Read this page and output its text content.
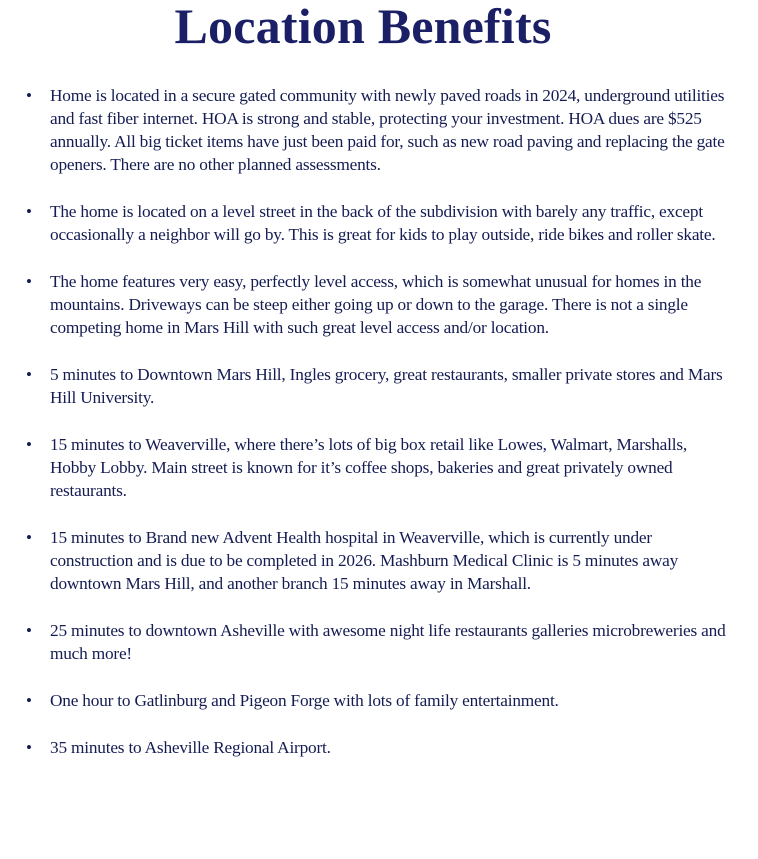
Location Benefits
• Home is located in a secure gated community with newly paved roads in 2024, underground utilities and fast fiber internet. HOA is strong and stable, protecting your investment. HOA dues are $525 annually. All big ticket items have just been paid for, such as new road paving and replacing the gate openers. There are no other planned assessments.
• The home is located on a level street in the back of the subdivision with barely any traffic, except occasionally a neighbor will go by. This is great for kids to play outside, ride bikes and roller skate.
• The home features very easy, perfectly level access, which is somewhat unusual for homes in the mountains. Driveways can be steep either going up or down to the garage. There is not a single competing home in Mars Hill with such great level access and/or location.
• 5 minutes to Downtown Mars Hill, Ingles grocery, great restaurants, smaller private stores and Mars Hill University.
• 15 minutes to Weaverville, where there’s lots of big box retail like Lowes, Walmart, Marshalls, Hobby Lobby. Main street is known for it’s coffee shops, bakeries and great privately owned restaurants.
• 15 minutes to Brand new Advent Health hospital in Weaverville, which is currently under construction and is due to be completed in 2026. Mashburn Medical Clinic is 5 minutes away downtown Mars Hill, and another branch 15 minutes away in Marshall.
• 25 minutes to downtown Asheville with awesome night life restaurants galleries microbreweries and much more!
• One hour to Gatlinburg and Pigeon Forge with lots of family entertainment.
• 35 minutes to Asheville Regional Airport.
